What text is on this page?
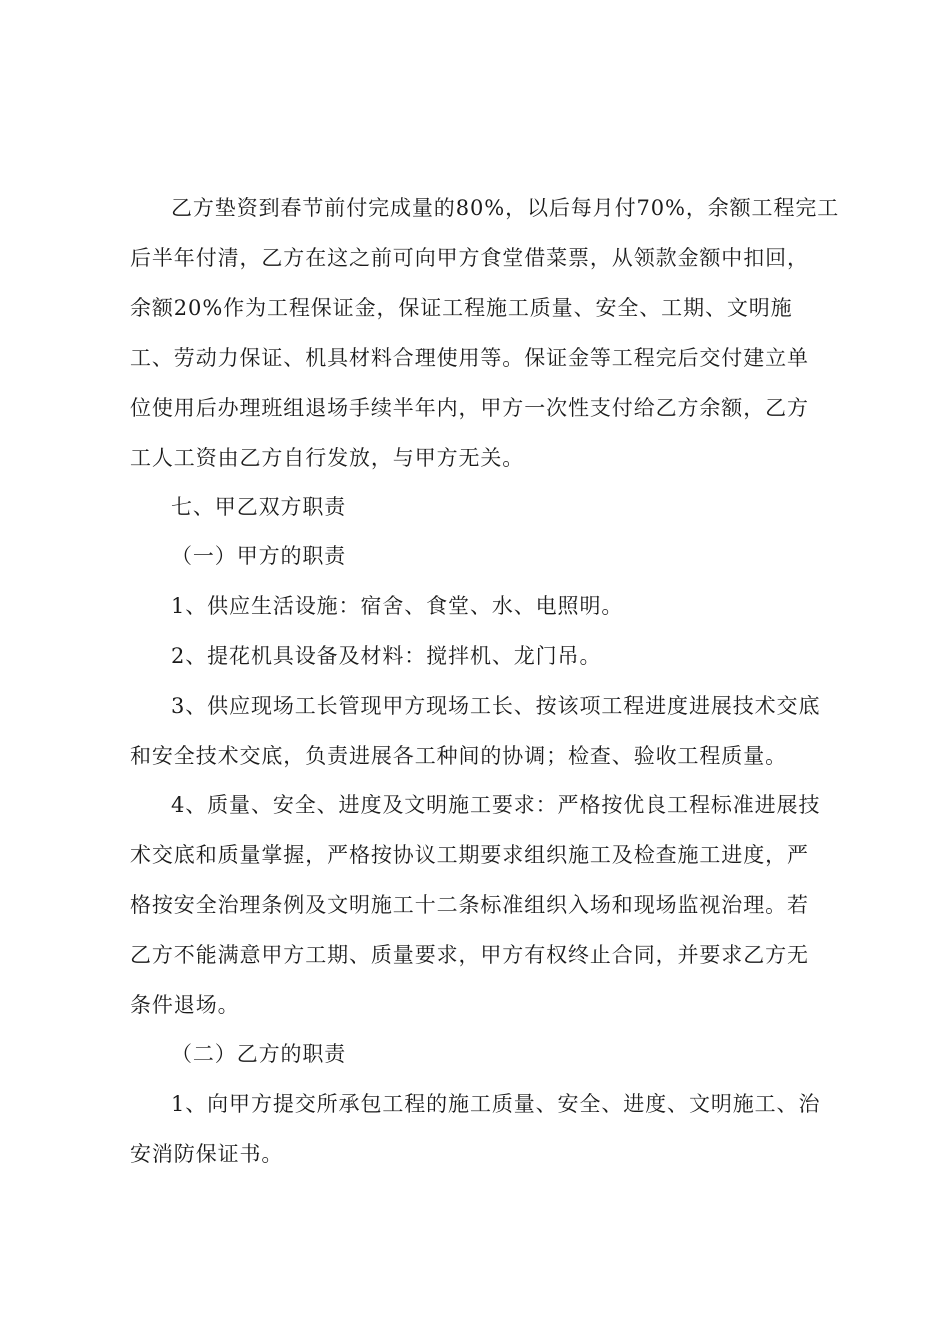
乙方垫资到春节前付完成量的80%，以后每月付70%，余额工程完工
后半年付清，乙方在这之前可向甲方食堂借菜票，从领款金额中扣回，
余额20%作为工程保证金，保证工程施工质量、安全、工期、文明施
工、劳动力保证、机具材料合理使用等。保证金等工程完后交付建立单
位使用后办理班组退场手续半年内，甲方一次性支付给乙方余额，乙方
工人工资由乙方自行发放，与甲方无关。
七、甲乙双方职责
（一）甲方的职责
1、供应生活设施：宿舍、食堂、水、电照明。
2、提花机具设备及材料：搅拌机、龙门吊。
3、供应现场工长管现甲方现场工长、按该项工程进度进展技术交底
和安全技术交底，负责进展各工种间的协调；检查、验收工程质量。
4、质量、安全、进度及文明施工要求：严格按优良工程标准进展技
术交底和质量掌握，严格按协议工期要求组织施工及检查施工进度，严
格按安全治理条例及文明施工十二条标准组织入场和现场监视治理。若
乙方不能满意甲方工期、质量要求，甲方有权终止合同，并要求乙方无
条件退场。
（二）乙方的职责
1、向甲方提交所承包工程的施工质量、安全、进度、文明施工、治
安消防保证书。
